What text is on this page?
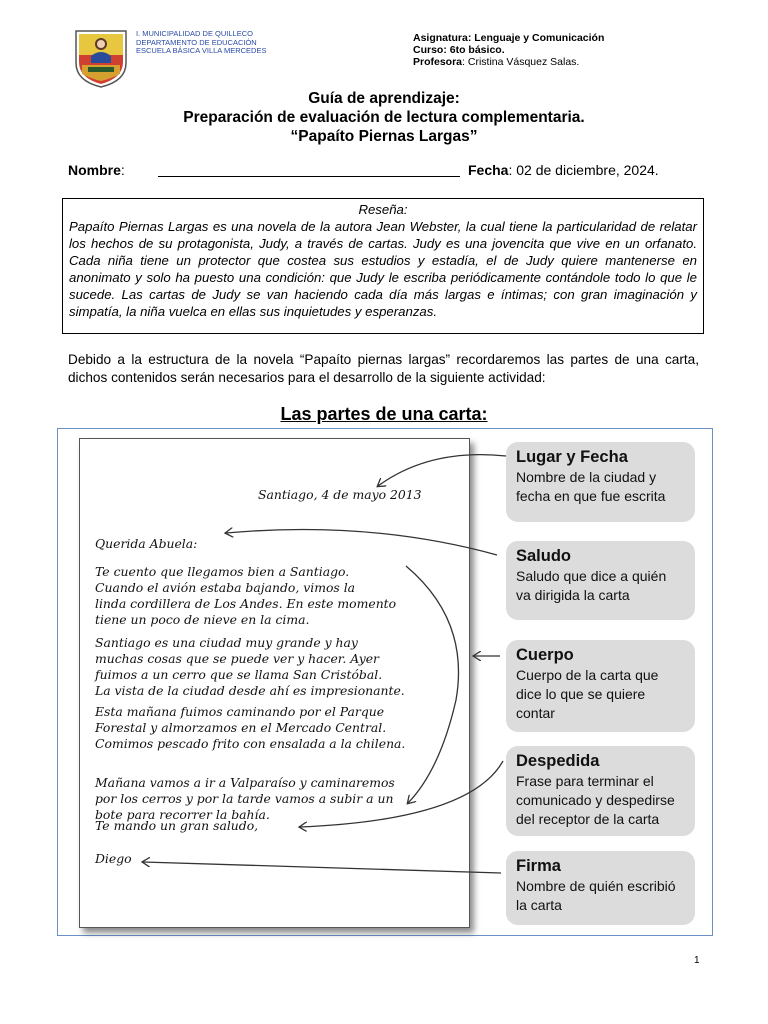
I. MUNICIPALIDAD DE QUILLECO
DEPARTAMENTO DE EDUCACIÓN
ESCUELA BÁSICA VILLA MERCEDES
Asignatura: Lenguaje y Comunicación
Curso: 6to básico.
Profesora: Cristina Vásquez Salas.
Guía de aprendizaje:
Preparación de evaluación de lectura complementaria.
“Papaíto Piernas Largas”
Nombre:	Fecha: 02 de diciembre, 2024.
Reseña:
Papaíto Piernas Largas es una novela de la autora Jean Webster, la cual tiene la particularidad de relatar los hechos de su protagonista, Judy, a través de cartas. Judy es una jovencita que vive en un orfanato. Cada niña tiene un protector que costea sus estudios y estadía, el de Judy quiere mantenerse en anonimato y solo ha puesto una condición: que Judy le escriba periódicamente contándole todo lo que le sucede. Las cartas de Judy se van haciendo cada día más largas e íntimas; con gran imaginación y simpatía, la niña vuelca en ellas sus inquietudes y esperanzas.
Debido a la estructura de la novela “Papaíto piernas largas” recordaremos las partes de una carta, dichos contenidos serán necesarios para el desarrollo de la siguiente actividad:
Las partes de una carta:
Santiago, 4 de mayo 2013
Querida Abuela:
Te cuento que llegamos bien a Santiago.
Cuando el avión estaba bajando, vimos la
linda cordillera de Los Andes. En este momento
tiene un poco de nieve en la cima.
Santiago es una ciudad muy grande y hay
muchas cosas que se puede ver y hacer. Ayer
fuimos a un cerro que se llama San Cristóbal.
La vista de la ciudad desde ahí es impresionante.
Esta mañana fuimos caminando por el Parque
Forestal y almorzamos en el Mercado Central.
Comimos pescado frito con ensalada a la chilena.
Mañana vamos a ir a Valparaíso y caminaremos
por los cerros y por la tarde vamos a subir a un
bote para recorrer la bahía.
Te mando un gran saludo,
Diego
Lugar y Fecha
Nombre de la ciudad y
fecha en que fue escrita
Saludo
Saludo que dice a quién
va dirigida la carta
Cuerpo
Cuerpo de la carta que
dice lo que se quiere
contar
Despedida
Frase para terminar el
comunicado y despedirse
del receptor de la carta
Firma
Nombre de quién escribió
la carta
1
